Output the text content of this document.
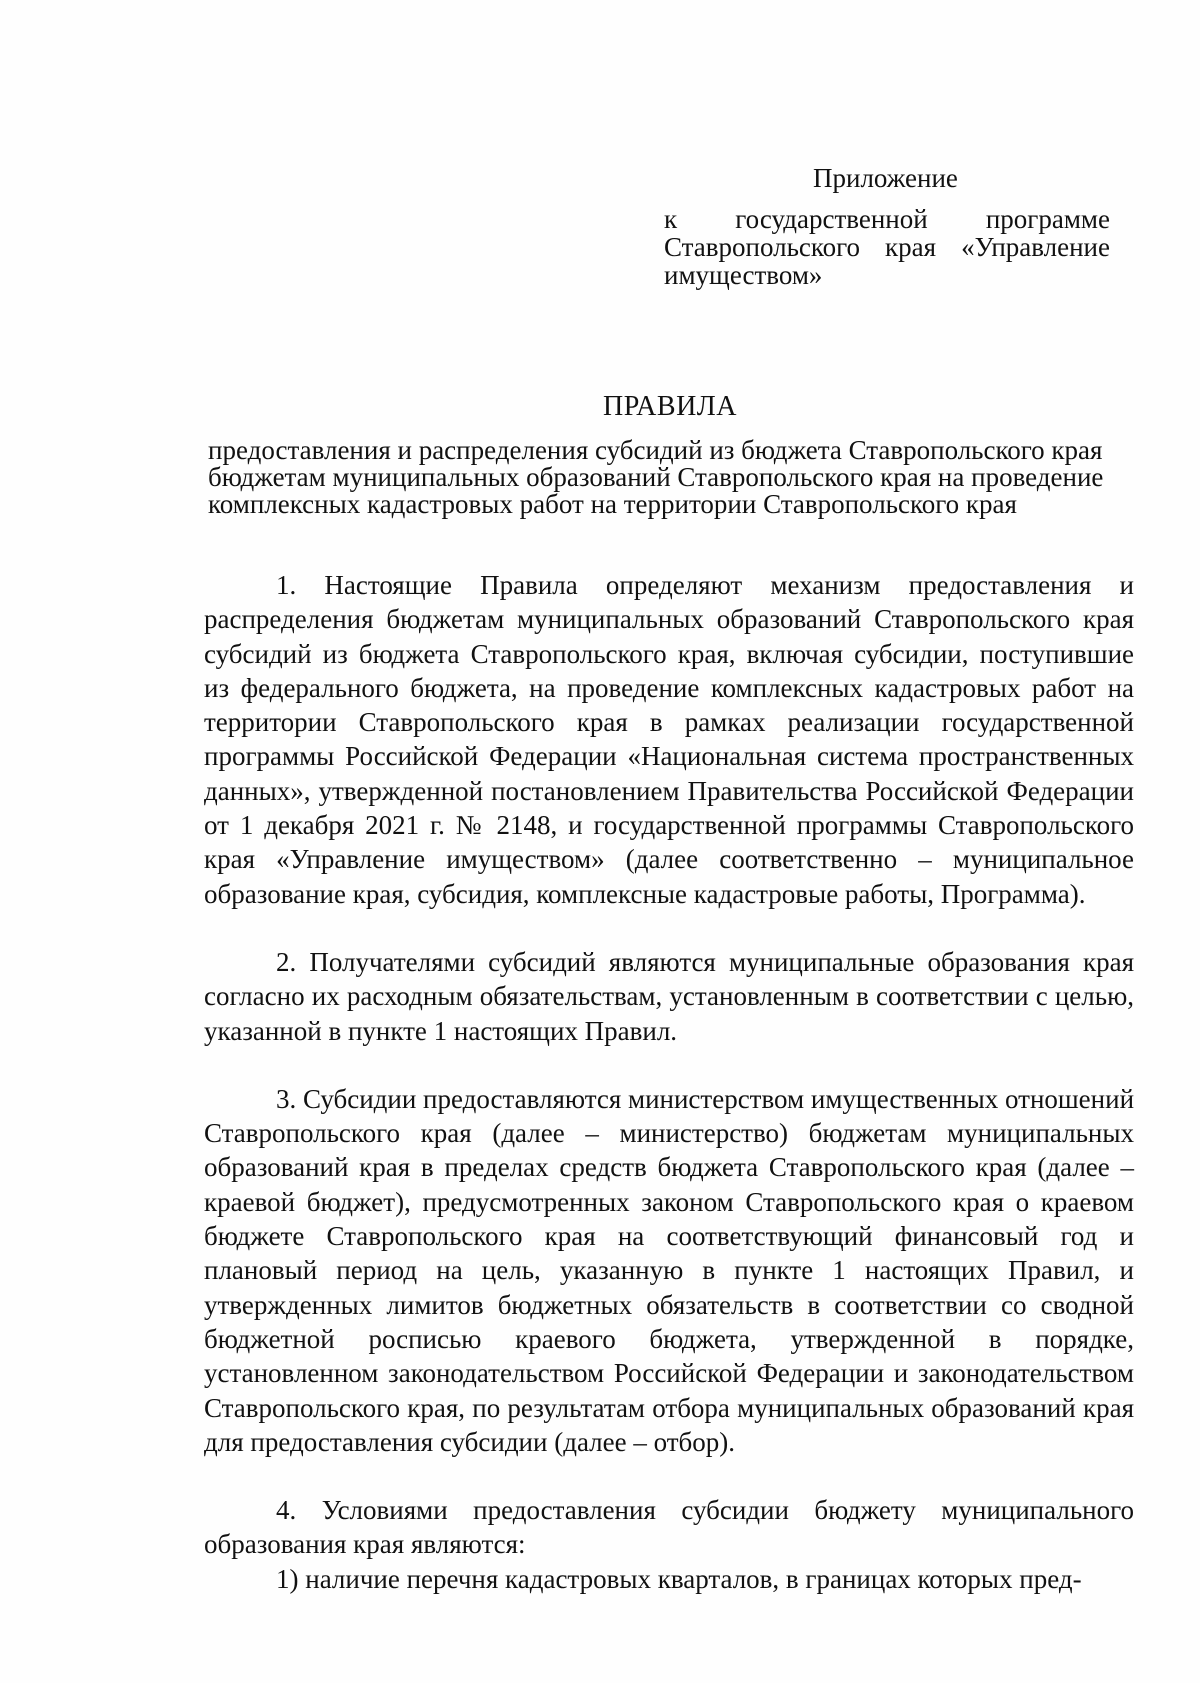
Приложение
к государственной программе Ставропольского края «Управление имуществом»
ПРАВИЛА
предоставления и распределения субсидий из бюджета Ставропольского края бюджетам муниципальных образований Ставропольского края на проведение комплексных кадастровых работ на территории Ставропольского края

1. Настоящие Правила определяют механизм предоставления и распределения бюджетам муниципальных образований Ставропольского края субсидий из бюджета Ставропольского края, включая субсидии, поступившие из федерального бюджета, на проведение комплексных кадастровых работ на территории Ставропольского края в рамках реализации государственной программы Российской Федерации «Национальная система пространственных данных», утвержденной постановлением Правительства Российской Федерации от 1 декабря 2021 г. № 2148, и государственной программы Ставропольского края «Управление имуществом» (далее соответственно – муниципальное образование края, субсидия, комплексные кадастровые работы, Программа).

2. Получателями субсидий являются муниципальные образования края согласно их расходным обязательствам, установленным в соответствии с целью, указанной в пункте 1 настоящих Правил.

3. Субсидии предоставляются министерством имущественных отношений Ставропольского края (далее – министерство) бюджетам муниципальных образований края в пределах средств бюджета Ставропольского края (далее – краевой бюджет), предусмотренных законом Ставропольского края о краевом бюджете Ставропольского края на соответствующий финансовый год и плановый период на цель, указанную в пункте 1 настоящих Правил, и утвержденных лимитов бюджетных обязательств в соответствии со сводной бюджетной росписью краевого бюджета, утвержденной в порядке, установленном законодательством Российской Федерации и законодательством Ставропольского края, по результатам отбора муниципальных образований края для предоставления субсидии (далее – отбор).

4. Условиями предоставления субсидии бюджету муниципального образования края являются:

1) наличие перечня кадастровых кварталов, в границах которых пред-
